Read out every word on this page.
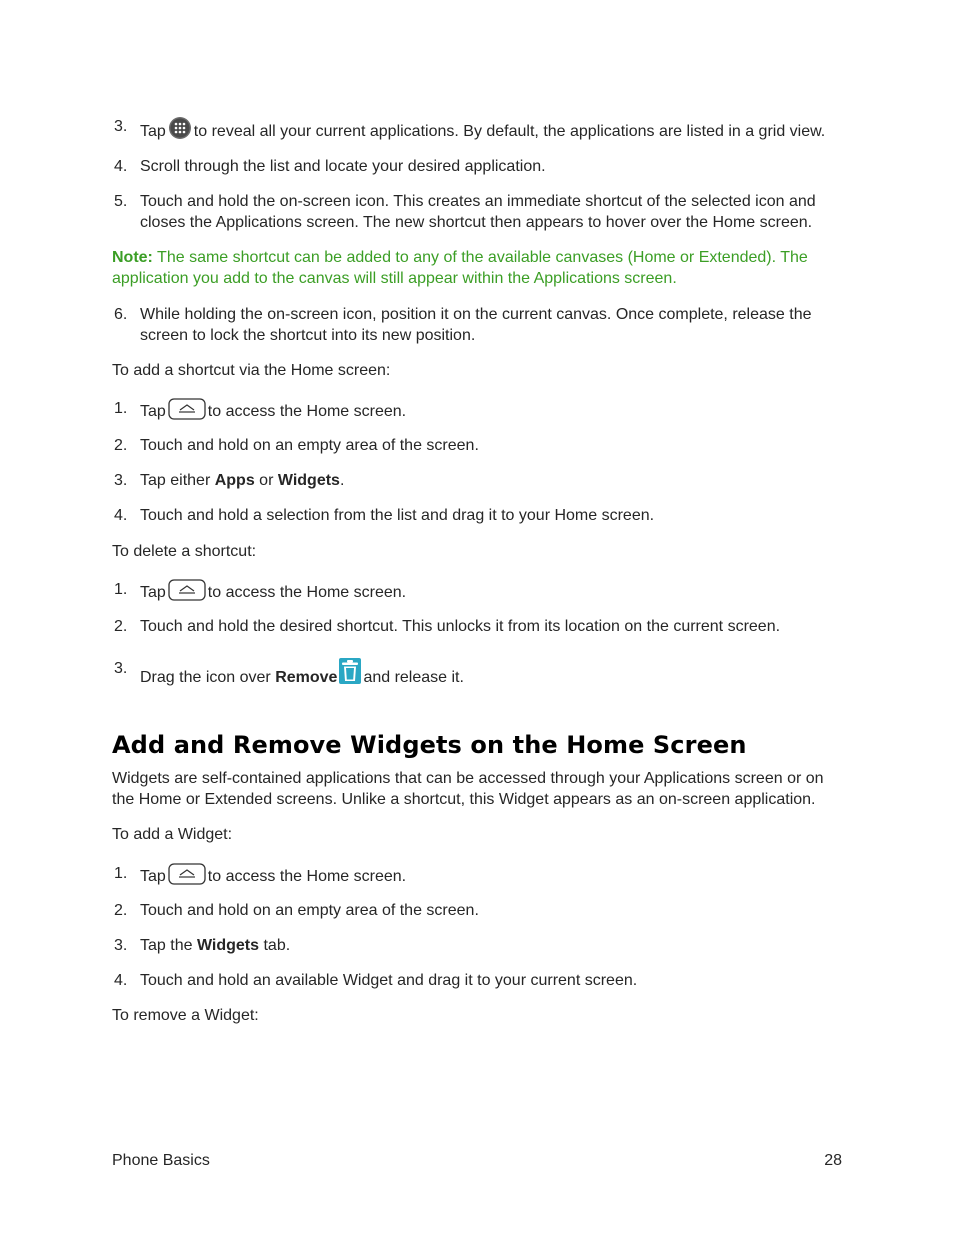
3. Tap to reveal all your current applications. By default, the applications are listed in a grid view.
4. Scroll through the list and locate your desired application.
5. Touch and hold the on-screen icon. This creates an immediate shortcut of the selected icon and closes the Applications screen. The new shortcut then appears to hover over the Home screen.

Note: The same shortcut can be added to any of the available canvases (Home or Extended). The application you add to the canvas will still appear within the Applications screen.

6. While holding the on-screen icon, position it on the current canvas. Once complete, release the screen to lock the shortcut into its new position.

To add a shortcut via the Home screen:

1. Tap	to access the Home screen.
2. Touch and hold on an empty area of the screen.
3. Tap either Apps or Widgets.
4. Touch and hold a selection from the list and drag it to your Home screen.

To delete a shortcut:

1. Tap	to access the Home screen.
2. Touch and hold the desired shortcut. This unlocks it from its location on the current screen.
3.
Drag the icon over Remove and release it.
Add and Remove Widgets on the Home Screen

Widgets are self-contained applications that can be accessed through your Applications screen or on the Home or Extended screens. Unlike a shortcut, this Widget appears as an on-screen application.

To add a Widget:

1. Tap	to access the Home screen.
2. Touch and hold on an empty area of the screen.
3. Tap the Widgets tab.
4. Touch and hold an available Widget and drag it to your current screen.

To remove a Widget:

Phone Basics	28
